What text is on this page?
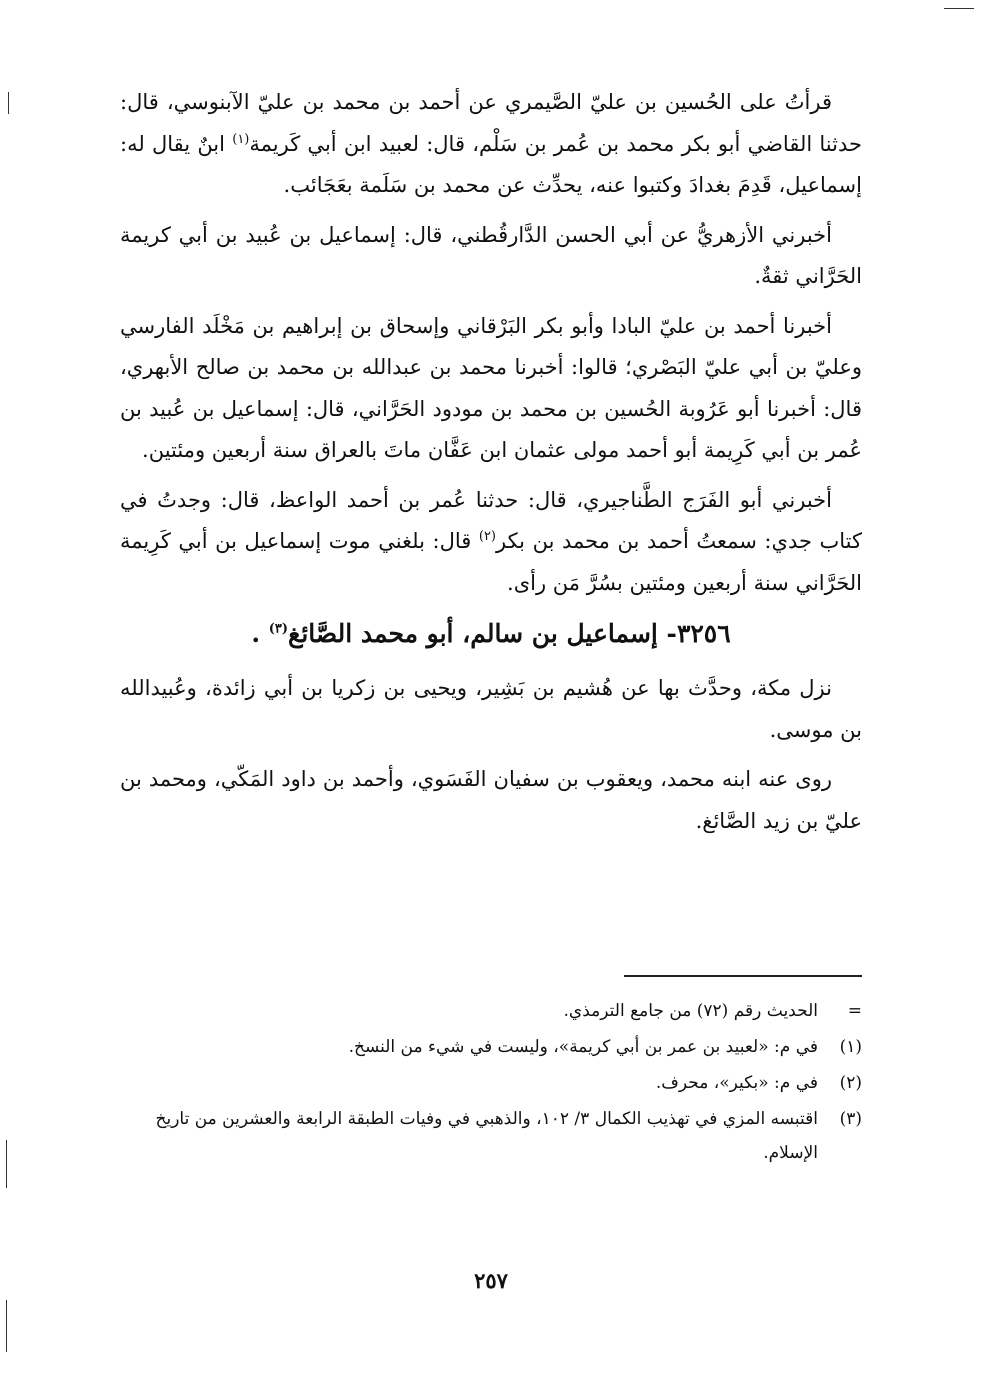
قرأتُ على الحُسين بن عليّ الصَّيمري عن أحمد بن محمد بن عليّ الآبنوسي، قال: حدثنا القاضي أبو بكر محمد بن عُمر بن سَلْم، قال: لعبيد ابن أبي كَريمة$^{(١)}$ ابنٌ يقال له: إسماعيل، قَدِمَ بغدادَ وكتبوا عنه، يحدِّث عن محمد بن سَلَمة بعَجَائب.

أخبرني الأزهريُّ عن أبي الحسن الدَّارقُطني، قال: إسماعيل بن عُبيد بن أبي كريمة الحَرَّاني ثقةٌ.

أخبرنا أحمد بن عليّ البادا وأبو بكر البَرْقاني وإسحاق بن إبراهيم بن مَخْلَد الفارسي وعليّ بن أبي عليّ البَصْري؛ قالوا: أخبرنا محمد بن عبدالله بن محمد بن صالح الأبهري، قال: أخبرنا أبو عَرُوبة الحُسين بن محمد بن مودود الحَرَّاني، قال: إسماعيل بن عُبيد بن عُمر بن أبي كَرِيمة أبو أحمد مولى عثمان ابن عَفَّان ماتَ بالعراق سنة أربعين ومئتين.

أخبرني أبو الفَرَج الطَّناجيري، قال: حدثنا عُمر بن أحمد الواعظ، قال: وجدتُ في كتاب جدي: سمعتُ أحمد بن محمد بن بكر$^{(٢)}$ قال: بلغني موت إسماعيل بن أبي كَرِيمة الحَرَّاني سنة أربعين ومئتين بسُرَّ مَن رأى.

٣٢٥٦- إسماعيل بن سالم، أبو محمد الصَّائغ$^{(٣)}$ .

نزل مكة، وحدَّث بها عن هُشيم بن بَشِير، ويحيى بن زكريا بن أبي زائدة، وعُبيدالله بن موسى.

روى عنه ابنه محمد، ويعقوب بن سفيان الفَسَوي، وأحمد بن داود المَكّي، ومحمد بن عليّ بن زيد الصَّائغ.

=
الحديث رقم (٧٢) من جامع الترمذي.
(١)
في م: «لعبيد بن عمر بن أبي كريمة»، وليست في شيء من النسخ.
(٢)
في م: «بكير»، محرف.
(٣)
اقتبسه المزي في تهذيب الكمال ٣/ ١٠٢، والذهبي في وفيات الطبقة الرابعة والعشرين من تاريخ الإسلام.
٢٥٧
